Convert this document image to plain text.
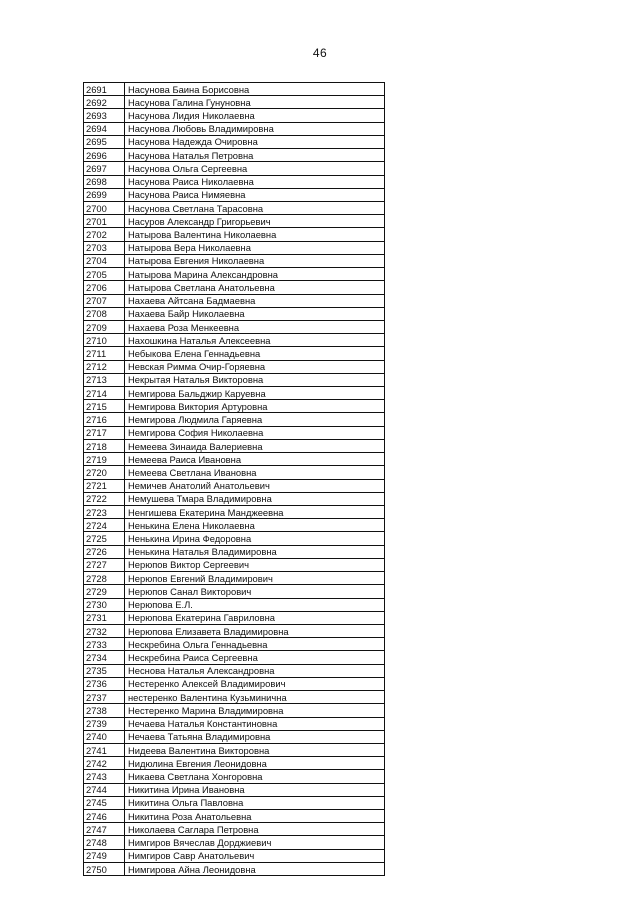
46
2691	Насунова Баина Борисовна
2692	Насунова Галина Гунуновна
2693	Насунова Лидия Николаевна
2694	Насунова Любовь Владимировна
2695	Насунова Надежда Очировна
2696	Насунова Наталья Петровна
2697	Насунова Ольга Сергеевна
2698	Насунова Раиса Николаевна
2699	Насунова Раиса Нимяевна
2700	Насунова Светлана Тарасовна
2701	Насуров Александр Григорьевич
2702	Натырова Валентина Николаевна
2703	Натырова Вера Николаевна
2704	Натырова Евгения Николаевна
2705	Натырова Марина Александровна
2706	Натырова Светлана Анатольевна
2707	Нахаева Айтсана Бадмаевна
2708	Нахаева Байр Николаевна
2709	Нахаева Роза Менкеевна
2710	Нахошкина Наталья Алексеевна
2711	Небыкова Елена Геннадьевна
2712	Невская Римма Очир-Горяевна
2713	Некрытая Наталья Викторовна
2714	Немгирова Бальджир Каруевна
2715	Немгирова Виктория Артуровна
2716	Немгирова Людмила Гаряевна
2717	Немгирова София Николаевна
2718	Немеева Зинаида Валериевна
2719	Немеева Раиса Ивановна
2720	Немеева Светлана Ивановна
2721	Немичев Анатолий Анатольевич
2722	Немушева Тмара Владимировна
2723	Ненгишева Екатерина Манджеевна
2724	Ненькина Елена Николаевна
2725	Ненькина Ирина Федоровна
2726	Ненькина Наталья Владимировна
2727	Нерюпов Виктор Сергеевич
2728	Нерюпов Евгений Владимирович
2729	Нерюпов Санал Викторович
2730	Нерюпова Е.Л.
2731	Нерюпова Екатерина Гавриловна
2732	Нерюпова Елизавета Владимировна
2733	Нескребина Ольга Геннадьевна
2734	Нескребина Раиса Сергеевна
2735	Неснова Наталья Александровна
2736	Нестеренко Алексей Владимирович
2737	нестеренко Валентина Кузьминична
2738	Нестеренко Марина Владимировна
2739	Нечаева Наталья Константиновна
2740	Нечаева Татьяна Владимировна
2741	Нидеева Валентина Викторовна
2742	Нидюлина Евгения Леонидовна
2743	Никаева Светлана Хонгоровна
2744	Никитина Ирина Ивановна
2745	Никитина Ольга Павловна
2746	Никитина Роза Анатольевна
2747	Николаева Саглара Петровна
2748	Нимгиров Вячеслав Дорджиевич
2749	Нимгиров Савр Анатольевич
2750	Нимгирова Айна Леонидовна
